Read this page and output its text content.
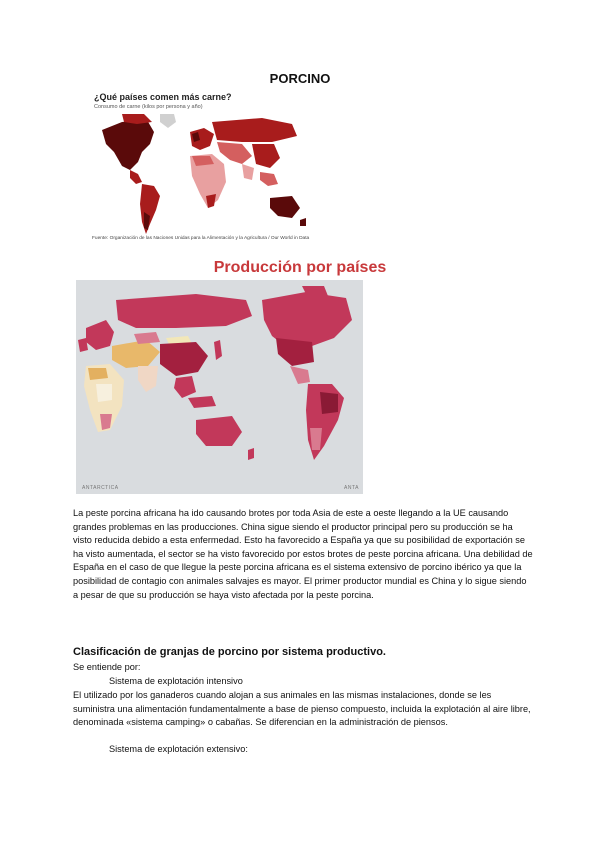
PORCINO
¿Qué países comen más carne?
Consumo de carne (kilos por persona y año)
Fuente: Organización de las Naciones Unidas para la Alimentación y la Agricultura / Our World in Data
Producción por países
ANTARCTICA	ANTA
La peste porcina africana ha ido causando brotes por toda Asia de este a oeste llegando a la UE causando grandes problemas en las producciones. China sigue siendo el productor principal pero su producción se ha visto reducida debido a esta enfermedad. Esto ha favorecido a España ya que su posibilidad de exportación se ha visto aumentada, el sector se ha visto favorecido por estos brotes de peste porcina africana. Una debilidad de España en el caso de que llegue la peste porcina africana es el sistema extensivo de porcino ibérico ya que la posibilidad de contagio con animales salvajes es mayor. El primer productor mundial es China y lo sigue siendo a pesar de que su producción se haya visto afectada por la peste porcina.
Clasificación de granjas de porcino por sistema productivo.
Se entiende por:
Sistema de explotación intensivo
El utilizado por los ganaderos cuando alojan a sus animales en las mismas instalaciones, donde se les suministra una alimentación fundamentalmente a base de pienso compuesto, incluida la explotación al aire libre, denominada «sistema camping» o cabañas. Se diferencian en la administración de piensos.
Sistema de explotación extensivo:
